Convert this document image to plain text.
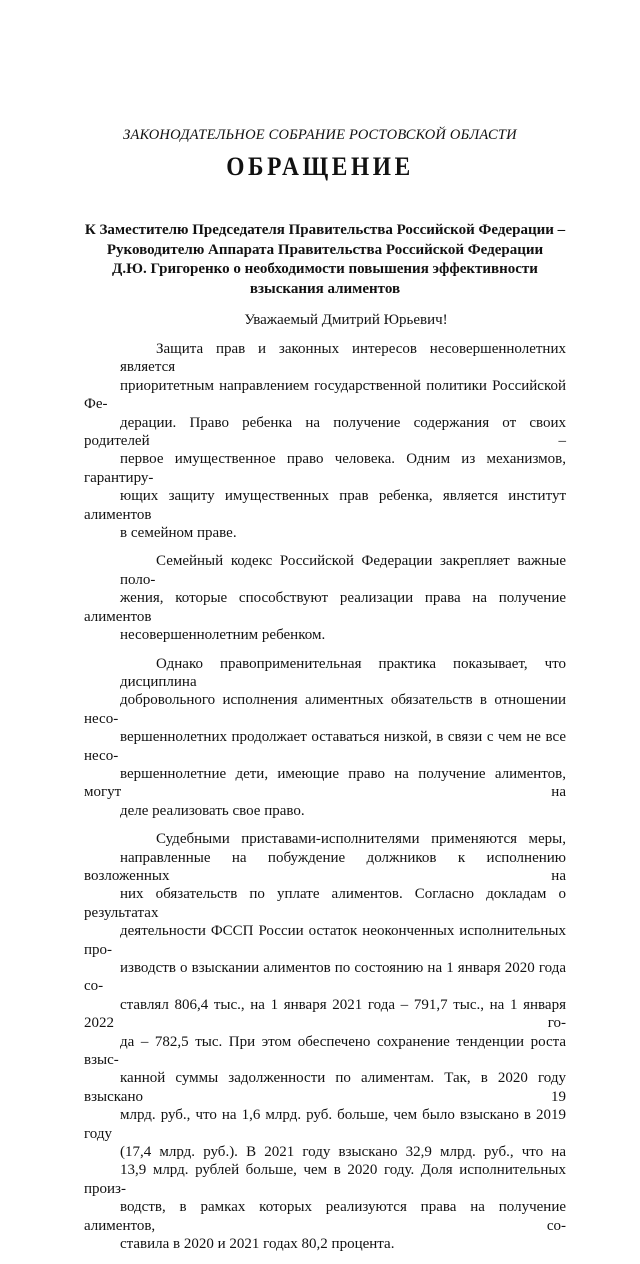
ЗАКОНОДАТЕЛЬНОЕ СОБРАНИЕ РОСТОВСКОЙ ОБЛАСТИ
ОБРАЩЕНИЕ
К Заместителю Председателя Правительства Российской Федерации –
Руководителю Аппарата Правительства Российской Федерации
Д.Ю. Григоренко о необходимости повышения эффективности
взыскания алиментов
Уважаемый Дмитрий Юрьевич!
Защита прав и законных интересов несовершеннолетних является
приоритетным направлением государственной политики Российской Фе-
дерации. Право ребенка на получение содержания от своих родителей –
первое имущественное право человека. Одним из механизмов, гарантиру-
ющих защиту имущественных прав ребенка, является институт алиментов
в семейном праве.
Семейный кодекс Российской Федерации закрепляет важные поло-
жения, которые способствуют реализации права на получение алиментов
несовершеннолетним ребенком.
Однако правоприменительная практика показывает, что дисциплина
добровольного исполнения алиментных обязательств в отношении несо-
вершеннолетних продолжает оставаться низкой, в связи с чем не все несо-
вершеннолетние дети, имеющие право на получение алиментов, могут на
деле реализовать свое право.
Судебными приставами-исполнителями применяются меры,
направленные на побуждение должников к исполнению возложенных на
них обязательств по уплате алиментов. Согласно докладам о результатах
деятельности ФССП России остаток неоконченных исполнительных про-
изводств о взыскании алиментов по состоянию на 1 января 2020 года со-
ставлял 806,4 тыс., на 1 января 2021 года – 791,7 тыс., на 1 января 2022 го-
да – 782,5 тыс. При этом обеспечено сохранение тенденции роста взыс-
канной суммы задолженности по алиментам. Так, в 2020 году взыскано 19
млрд. руб., что на 1,6 млрд. руб. больше, чем было взыскано в 2019 году
(17,4 млрд. руб.). В 2021 году взыскано 32,9 млрд. руб., что на
13,9 млрд. рублей больше, чем в 2020 году. Доля исполнительных произ-
водств, в рамках которых реализуются права на получение алиментов, со-
ставила в 2020 и 2021 годах 80,2 процента.
